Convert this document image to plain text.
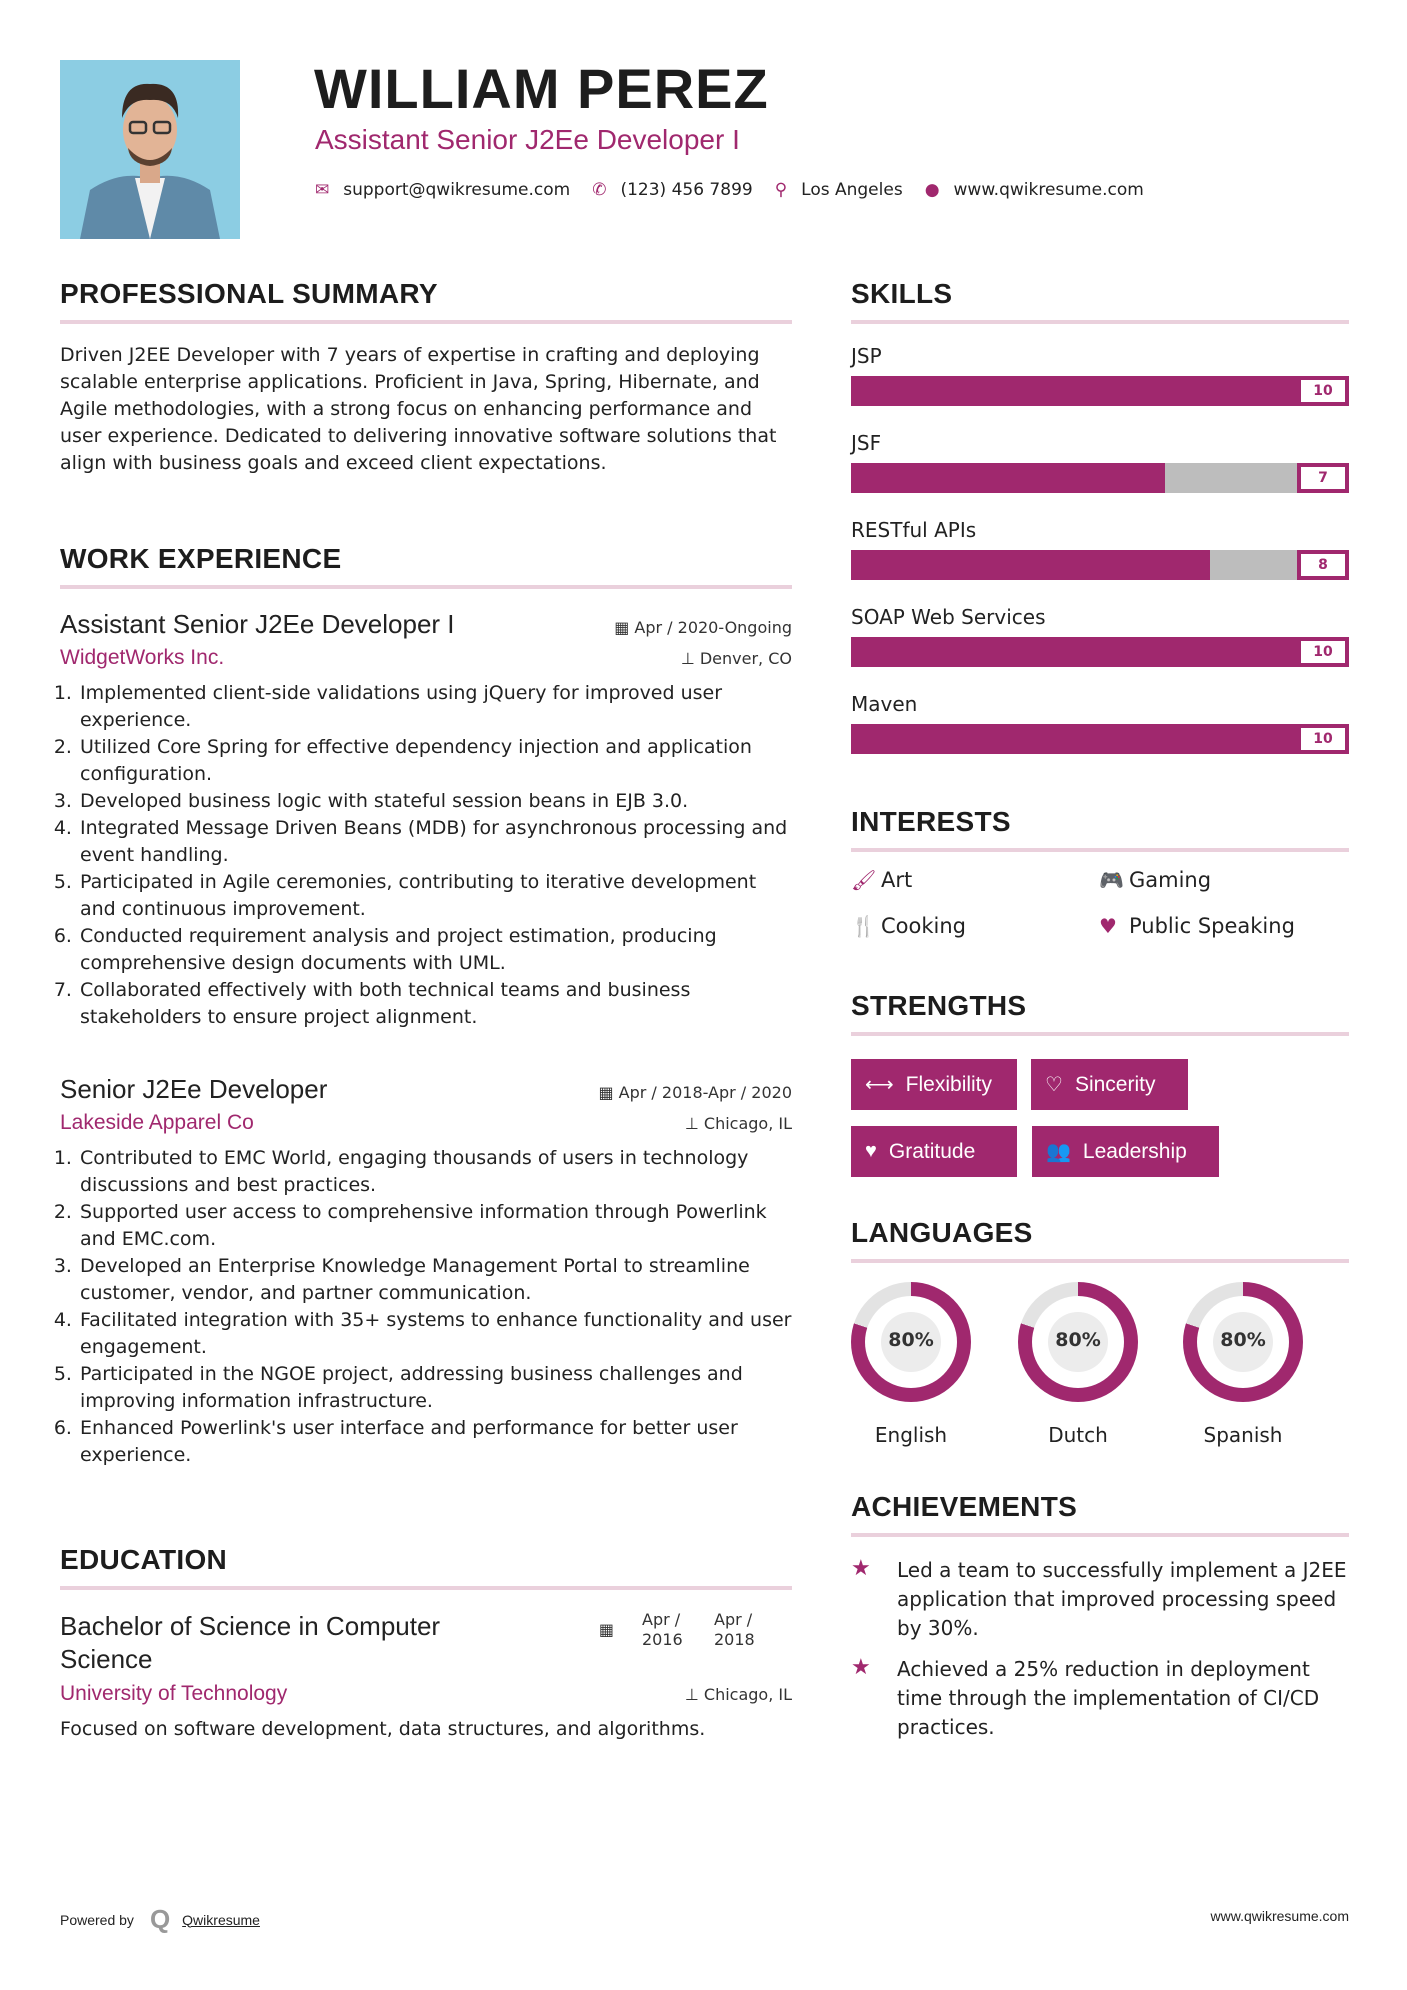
WILLIAM PEREZ
Assistant Senior J2Ee Developer I
✉ support@qwikresume.com ✆ (123) 456 7899 ⚲ Los Angeles ● www.qwikresume.com
PROFESSIONAL SUMMARY
Driven J2EE Developer with 7 years of expertise in crafting and deploying scalable enterprise applications. Proficient in Java, Spring, Hibernate, and Agile methodologies, with a strong focus on enhancing performance and user experience. Dedicated to delivering innovative software solutions that align with business goals and exceed client expectations.
WORK EXPERIENCE
Assistant Senior J2Ee Developer I	▦ Apr / 2020-Ongoing
WidgetWorks Inc.	⊥ Denver, CO
1. Implemented client-side validations using jQuery for improved user experience.
2. Utilized Core Spring for effective dependency injection and application configuration.
3. Developed business logic with stateful session beans in EJB 3.0.
4. Integrated Message Driven Beans (MDB) for asynchronous processing and event handling.
5. Participated in Agile ceremonies, contributing to iterative development and continuous improvement.
6. Conducted requirement analysis and project estimation, producing comprehensive design documents with UML.
7. Collaborated effectively with both technical teams and business stakeholders to ensure project alignment.
Senior J2Ee Developer	▦ Apr / 2018-Apr / 2020
Lakeside Apparel Co	⊥ Chicago, IL
1. Contributed to EMC World, engaging thousands of users in technology discussions and best practices.
2. Supported user access to comprehensive information through Powerlink and EMC.com.
3. Developed an Enterprise Knowledge Management Portal to streamline customer, vendor, and partner communication.
4. Facilitated integration with 35+ systems to enhance functionality and user engagement.
5. Participated in the NGOE project, addressing business challenges and improving information infrastructure.
6. Enhanced Powerlink's user interface and performance for better user experience.
EDUCATION
Bachelor of Science in Computer Science
▦
Apr / 2016
Apr / 2018
University of Technology	⊥ Chicago, IL
Focused on software development, data structures, and algorithms.
SKILLS
JSP
10
JSF
7
RESTful APIs
8
SOAP Web Services
10
Maven
10
INTERESTS
🖌 Art	🎮 Gaming
🍴 Cooking	♥ Public Speaking
STRENGTHS
⟷ Flexibility	♡ Sincerity
♥ Gratitude	👥 Leadership
LANGUAGES
80%
English
80%
Dutch
80%
Spanish
ACHIEVEMENTS
★	Led a team to successfully implement a J2EE application that improved processing speed by 30%.
★	Achieved a 25% reduction in deployment time through the implementation of CI/CD practices.
Powered by Q Qwikresume	www.qwikresume.com
